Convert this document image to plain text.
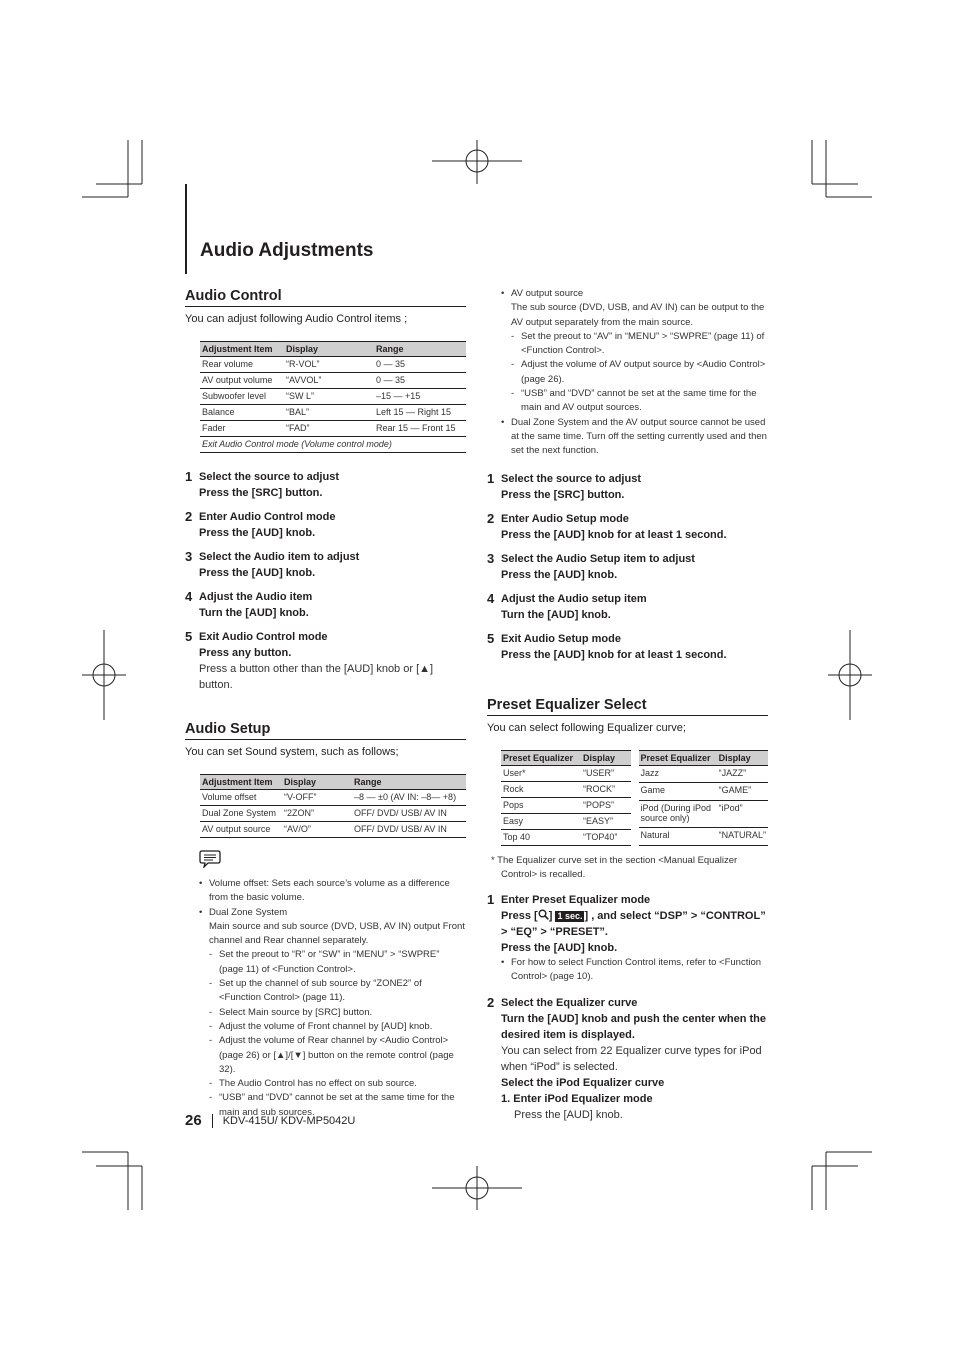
Audio Adjustments
Audio Control

You can adjust following Audio Control items ;

Adjustment Item	Display	Range
Rear volume	“R-VOL”	0 — 35
AV output volume	“AVVOL”	0 — 35
Subwoofer level	“SW L”	–15 — +15
Balance	“BAL”	Left 15 — Right 15
Fader	“FAD”	Rear 15 — Front 15
Exit Audio Control mode (Volume control mode)		
1 Select the source to adjust
Press the [SRC] button.
2 Enter Audio Control mode
Press the [AUD] knob.
3 Select the Audio item to adjust
Press the [AUD] knob.
4 Adjust the Audio item
Turn the [AUD] knob.
5 Exit Audio Control mode
Press any button.
Press a button other than the [AUD] knob or [▲] button.
Audio Setup

You can set Sound system, such as follows;

Adjustment Item	Display	Range
Volume offset	“V-OFF”	–8 — ±0 (AV IN: –8— +8)
Dual Zone System	“2ZON”	OFF/ DVD/ USB/ AV IN
AV output source	“AV/O”	OFF/ DVD/ USB/ AV IN
• Volume offset: Sets each source’s volume as a difference from the basic volume.
• Dual Zone System
Main source and sub source (DVD, USB, AV IN) output Front channel and Rear channel separately.
- Set the preout to “R” or “SW” in “MENU” > “SWPRE” (page 11) of <Function Control>.
- Set up the channel of sub source by “ZONE2” of <Function Control> (page 11).
- Select Main source by [SRC] button.
- Adjust the volume of Front channel by [AUD] knob.
- Adjust the volume of Rear channel by <Audio Control> (page 26) or [▲]/[▼] button on the remote control (page 32).
- The Audio Control has no effect on sub source.
- “USB” and “DVD” cannot be set at the same time for the main and sub sources.
• AV output source
The sub source (DVD, USB, and AV IN) can be output to the AV output separately from the main source.
- Set the preout to “AV” in “MENU” > “SWPRE” (page 11) of <Function Control>.
- Adjust the volume of AV output source by <Audio Control> (page 26).
- “USB” and “DVD” cannot be set at the same time for the main and AV output sources.
• Dual Zone System and the AV output source cannot be used at the same time. Turn off the setting currently used and then set the next function.
1 Select the source to adjust
Press the [SRC] button.
2 Enter Audio Setup mode
Press the [AUD] knob for at least 1 second.
3 Select the Audio Setup item to adjust
Press the [AUD] knob.
4 Adjust the Audio setup item
Turn the [AUD] knob.
5 Exit Audio Setup mode
Press the [AUD] knob for at least 1 second.
Preset Equalizer Select

You can select following Equalizer curve;

Preset Equalizer	Display
User*	“USER”
Rock	“ROCK”
Pops	“POPS”
Easy	“EASY”
Top 40	“TOP40”
Preset Equalizer	Display
Jazz	“JAZZ”
Game	“GAME”
iPod (During iPod source only)	“iPod”
Natural	“NATURAL”

* The Equalizer curve set in the section <Manual Equalizer Control> is recalled.

1 Enter Preset Equalizer mode
Press [ ] 1 sec. ] , and select “DSP” > “CONTROL” > “EQ” > “PRESET”.
Press the [AUD] knob.
• For how to select Function Control items, refer to <Function Control> (page 10).
2 Select the Equalizer curve
Turn the [AUD] knob and push the center when the desired item is displayed.
You can select from 22 Equalizer curve types for iPod when “iPod” is selected.
Select the iPod Equalizer curve
1. Enter iPod Equalizer mode
Press the [AUD] knob.
26 KDV-415U/ KDV-MP5042U
